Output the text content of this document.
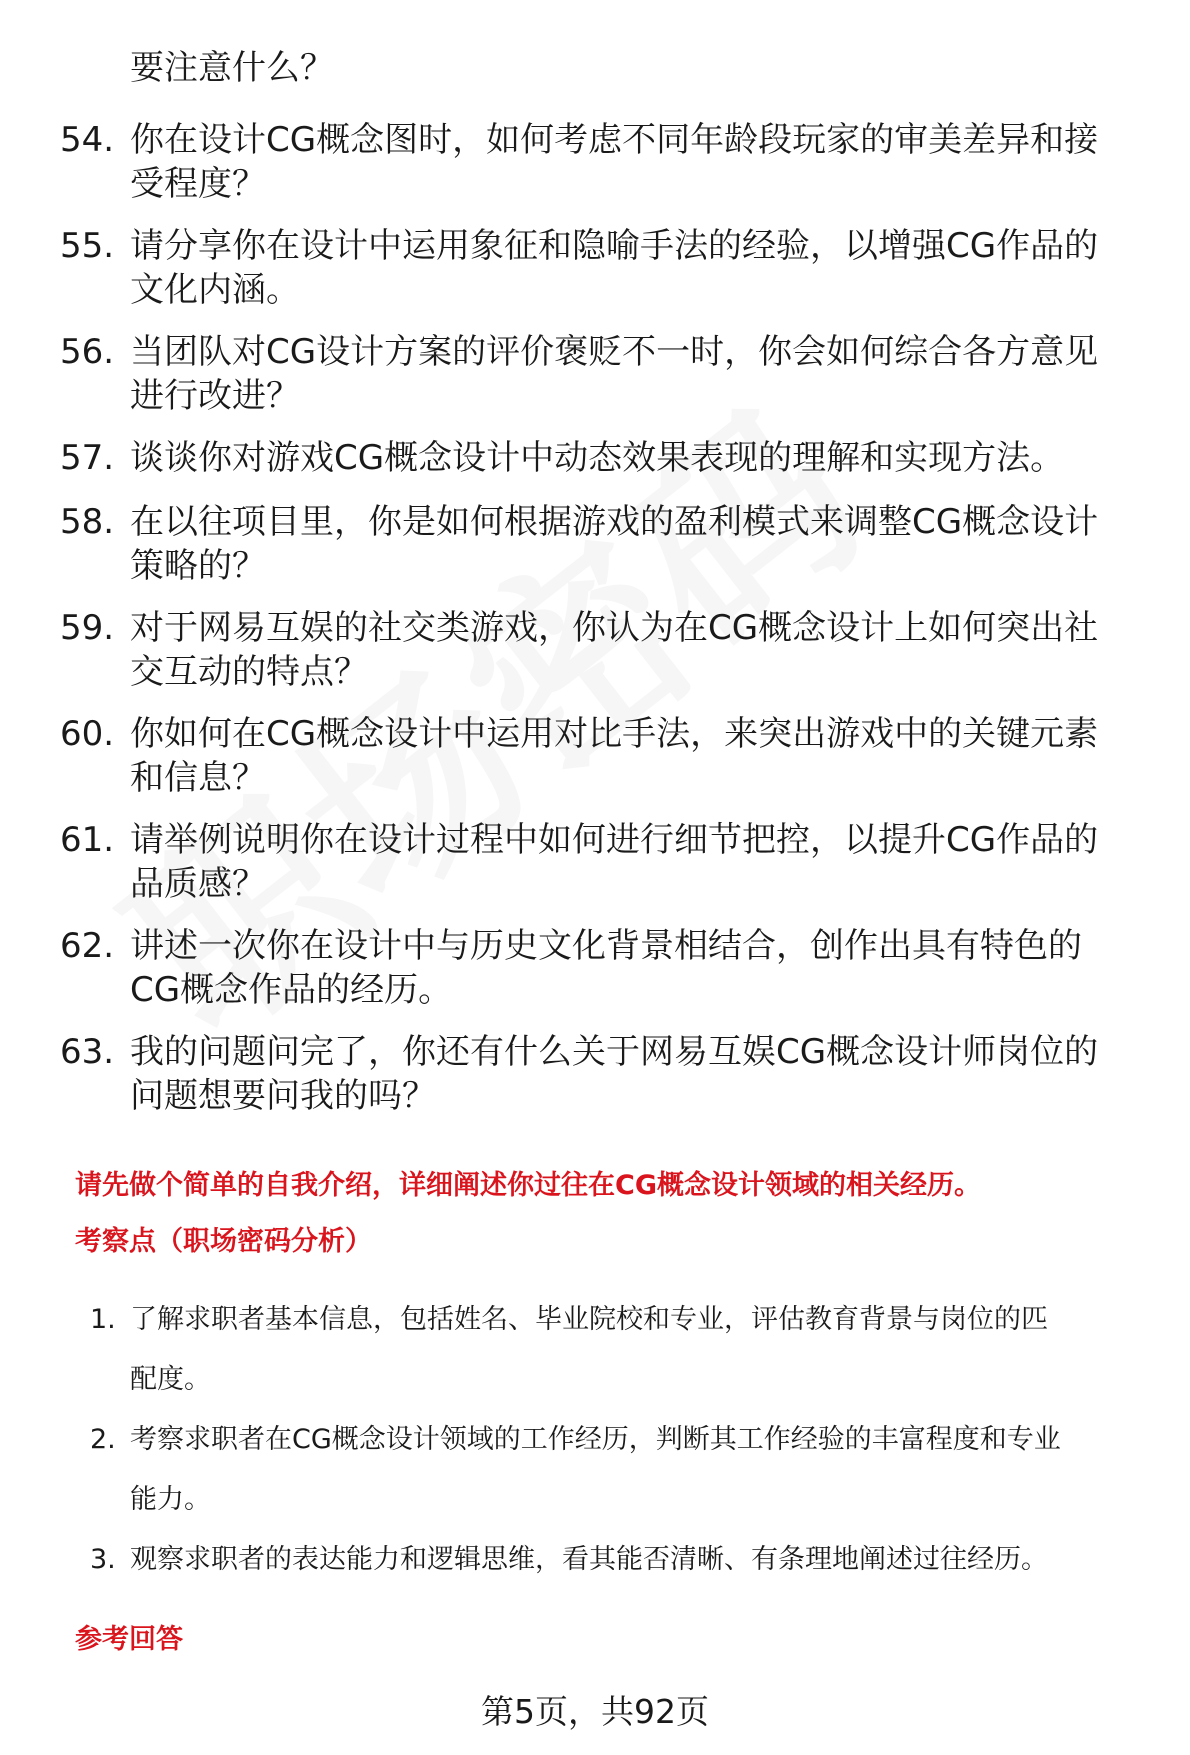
要注意什么？
54. 你在设计CG概念图时，如何考虑不同年龄段玩家的审美差异和接
受程度？
55. 请分享你在设计中运用象征和隐喻手法的经验，以增强CG作品的
文化内涵。
56. 当团队对CG设计方案的评价褒贬不一时，你会如何综合各方意见
进行改进？
57. 谈谈你对游戏CG概念设计中动态效果表现的理解和实现方法。
58. 在以往项目里，你是如何根据游戏的盈利模式来调整CG概念设计
策略的？
59. 对于网易互娱的社交类游戏，你认为在CG概念设计上如何突出社
交互动的特点？
60. 你如何在CG概念设计中运用对比手法，来突出游戏中的关键元素
和信息？
61. 请举例说明你在设计过程中如何进行细节把控，以提升CG作品的
品质感？
62. 讲述一次你在设计中与历史文化背景相结合，创作出具有特色的
CG概念作品的经历。
63. 我的问题问完了，你还有什么关于网易互娱CG概念设计师岗位的
问题想要问我的吗？
请先做个简单的自我介绍，详细阐述你过往在CG概念设计领域的相关经历。
考察点（职场密码分析）
1. 了解求职者基本信息，包括姓名、毕业院校和专业，评估教育背景与岗位的匹
配度。
2. 考察求职者在CG概念设计领域的工作经历，判断其工作经验的丰富程度和专业
能力。
3. 观察求职者的表达能力和逻辑思维，看其能否清晰、有条理地阐述过往经历。
参考回答
第5页，共92页
